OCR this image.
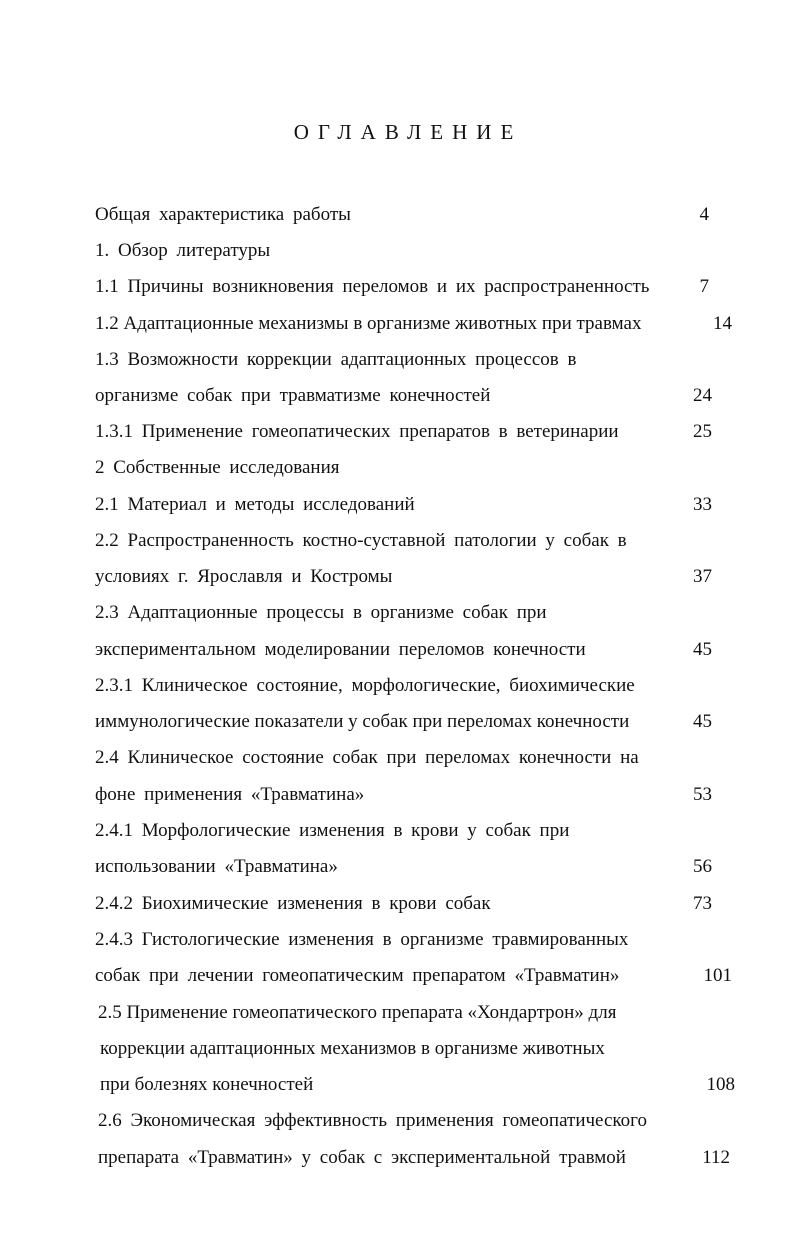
ОГЛАВЛЕНИЕ
Общая характеристика работы	4
1. Обзор литературы
1.1 Причины возникновения переломов и их распространенность	7
1.2 Адаптационные механизмы в организме животных при травмах	14
1.3 Возможности коррекции адаптационных процессов в
организме собак при травматизме конечностей	24
1.3.1 Применение гомеопатических препаратов в ветеринарии	25
2 Собственные исследования
2.1 Материал и методы исследований	33
2.2 Распространенность костно-суставной патологии у собак в
условиях г. Ярославля и Костромы	37
2.3 Адаптационные процессы в организме собак при
экспериментальном моделировании переломов конечности	45
2.3.1 Клиническое состояние, морфологические, биохимические
иммунологические показатели у собак при переломах конечности	45
2.4 Клиническое состояние собак при переломах конечности на
фоне применения «Травматина»	53
2.4.1 Морфологические изменения в крови у собак при
использовании «Травматина»	56
2.4.2 Биохимические изменения в крови собак	73
2.4.3 Гистологические изменения в организме травмированных
собак при лечении гомеопатическим препаратом «Травматин»	101
2.5 Применение гомеопатического препарата «Хондартрон» для
коррекции адаптационных механизмов в организме животных
при болезнях конечностей	108
2.6 Экономическая эффективность применения гомеопатического
препарата «Травматин» у собак с экспериментальной травмой	112
